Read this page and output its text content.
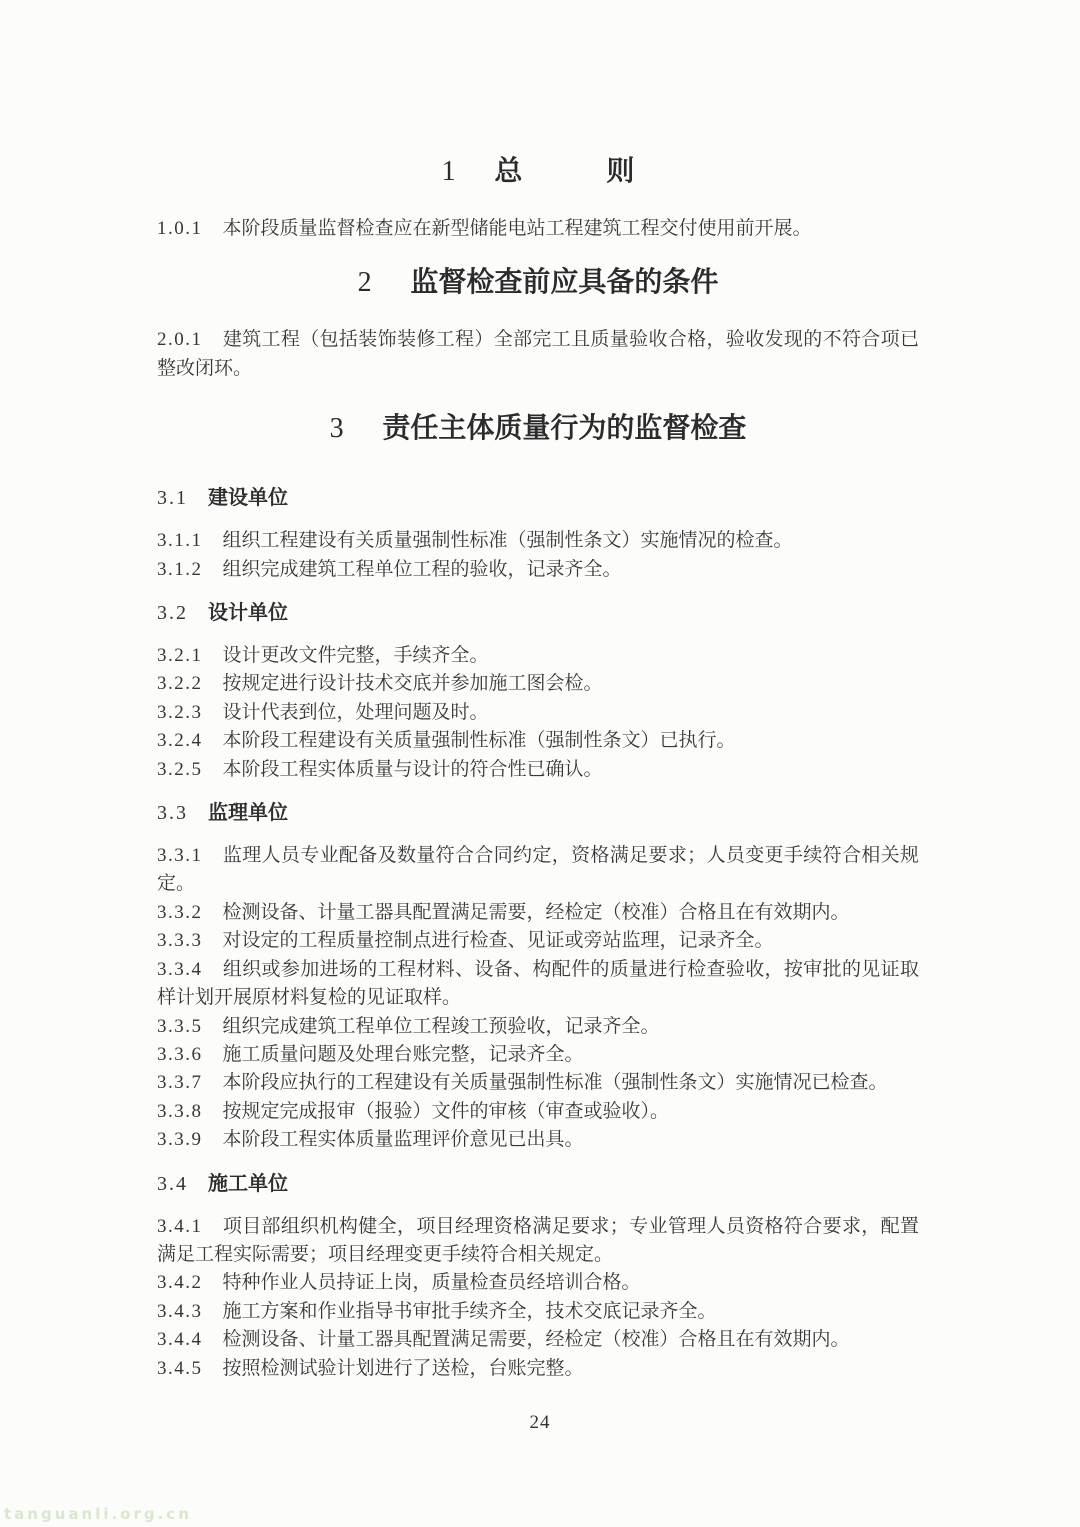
1 总　　　则

1.0.1 本阶段质量监督检查应在新型储能电站工程建筑工程交付使用前开展。

2 监督检查前应具备的条件

2.0.1 建筑工程（包括装饰装修工程）全部完工且质量验收合格，验收发现的不符合项已整改闭环。

3 责任主体质量行为的监督检查
3.1 建设单位

3.1.1 组织工程建设有关质量强制性标准（强制性条文）实施情况的检查。

3.1.2 组织完成建筑工程单位工程的验收，记录齐全。

3.2 设计单位

3.2.1 设计更改文件完整，手续齐全。

3.2.2 按规定进行设计技术交底并参加施工图会检。

3.2.3 设计代表到位，处理问题及时。

3.2.4 本阶段工程建设有关质量强制性标准（强制性条文）已执行。

3.2.5 本阶段工程实体质量与设计的符合性已确认。

3.3 监理单位

3.3.1 监理人员专业配备及数量符合合同约定，资格满足要求；人员变更手续符合相关规定。

3.3.2 检测设备、计量工器具配置满足需要，经检定（校准）合格且在有效期内。

3.3.3 对设定的工程质量控制点进行检查、见证或旁站监理，记录齐全。

3.3.4 组织或参加进场的工程材料、设备、构配件的质量进行检查验收，按审批的见证取样计划开展原材料复检的见证取样。

3.3.5 组织完成建筑工程单位工程竣工预验收，记录齐全。

3.3.6 施工质量问题及处理台账完整，记录齐全。

3.3.7 本阶段应执行的工程建设有关质量强制性标准（强制性条文）实施情况已检查。

3.3.8 按规定完成报审（报验）文件的审核（审查或验收）。

3.3.9 本阶段工程实体质量监理评价意见已出具。

3.4 施工单位

3.4.1 项目部组织机构健全，项目经理资格满足要求；专业管理人员资格符合要求，配置满足工程实际需要；项目经理变更手续符合相关规定。

3.4.2 特种作业人员持证上岗，质量检查员经培训合格。

3.4.3 施工方案和作业指导书审批手续齐全，技术交底记录齐全。

3.4.4 检测设备、计量工器具配置满足需要，经检定（校准）合格且在有效期内。

3.4.5 按照检测试验计划进行了送检，台账完整。

24
tanguanli.org.cn
